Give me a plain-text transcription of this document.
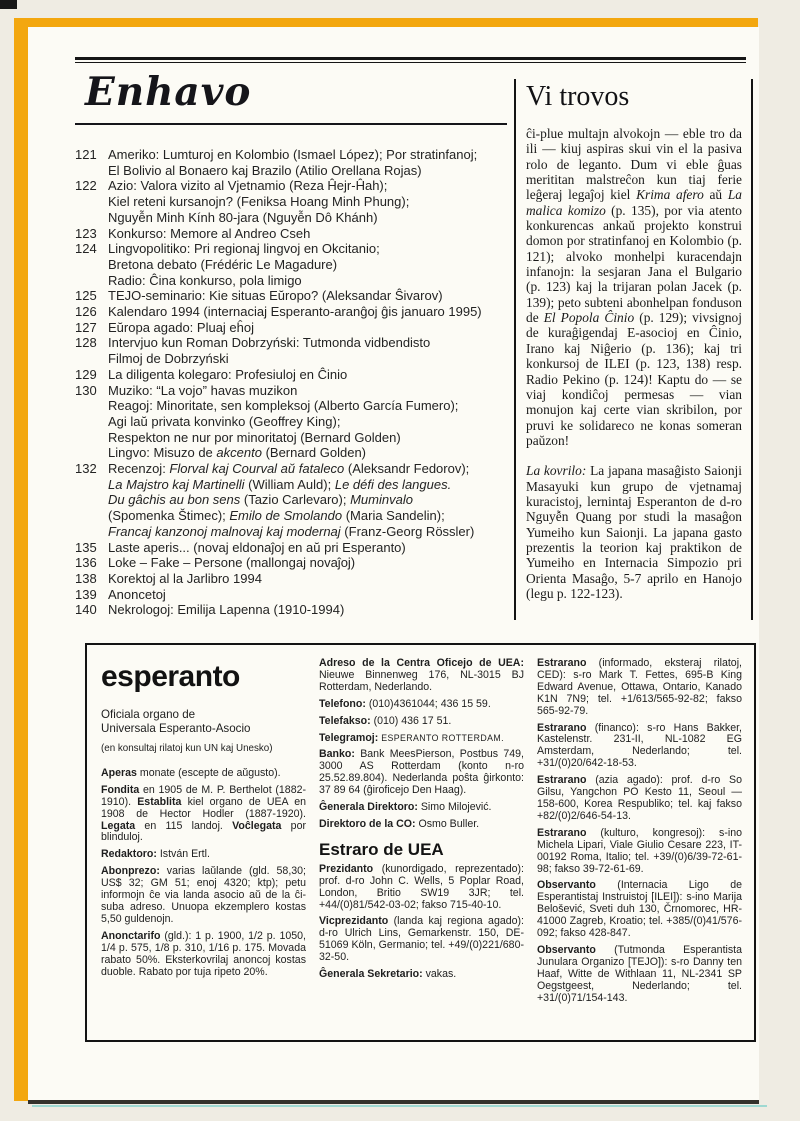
Enhavo
121 Ameriko: Lumturoj en Kolombio (Ismael López); Por stratinfanoj;
El Bolivio al Bonaero kaj Brazilo (Atilio Orellana Rojas)
122 Azio: Valora vizito al Vjetnamio (Reza Ĥejr-Ĥah);
Kiel reteni kursanojn? (Feniksa Hoang Minh Phung);
Nguyễn Minh Kính 80-jara (Nguyễn Dô Khánh)
123 Konkurso: Memore al Andreo Cseh
124 Lingvopolitiko: Pri regionaj lingvoj en Okcitanio;
Bretona debato (Frédéric Le Magadure)
Radio: Ĉina konkurso, pola limigo
125 TEJO-seminario: Kie situas Eŭropo? (Aleksandar Ŝivarov)
126 Kalendaro 1994 (internaciaj Esperanto-aranĝoj ĝis januaro 1995)
127 Eŭropa agado: Pluaj eĥoj
128 Intervjuo kun Roman Dobrzyński: Tutmonda vidbendisto
Filmoj de Dobrzyński
129 La diligenta kolegaro: Profesiuloj en Ĉinio
130 Muziko: “La vojo” havas muzikon
Reagoj: Minoritate, sen kompleksoj (Alberto García Fumero);
Agi laŭ privata konvinko (Geoffrey King);
Respekton ne nur por minoritatoj (Bernard Golden)
Lingvo: Misuzo de akcento (Bernard Golden)
132 Recenzoj: Florval kaj Courval aŭ fataleco (Aleksandr Fedorov);
La Majstro kaj Martinelli (William Auld); Le défi des langues.
Du gâchis au bon sens (Tazio Carlevaro); Muminvalo
(Spomenka Štimec); Emilo de Smolando (Maria Sandelin);
Francaj kanzonoj malnovaj kaj modernaj (Franz-Georg Rössler)
135 Laste aperis... (novaj eldonaĵoj en aŭ pri Esperanto)
136 Loke – Fake – Persone (mallongaj novaĵoj)
138 Korektoj al la Jarlibro 1994
139 Anoncetoj
140 Nekrologoj: Emilija Lapenna (1910-1994)
Vi trovos

ĉi-plue multajn alvokojn — eble tro da ili — kiuj aspiras skui vin el la pasiva rolo de leganto. Dum vi eble ĝuas merititan malstreĉon kun tiaj ferie leĝeraj legaĵoj kiel Krima afero aŭ La malica komizo (p. 135), por via atento konkurencas ankaŭ projekto konstrui domon por stratinfanoj en Kolombio (p. 121); alvoko monhelpi kuracendajn infanojn: la sesjaran Jana el Bulgario (p. 123) kaj la trijaran polan Jacek (p. 139); peto subteni abonhelpan fonduson de El Popola Ĉinio (p. 129); vivsignoj de kuraĝigendaj E-asocioj en Ĉinio, Irano kaj Niĝerio (p. 136); kaj tri konkursoj de ILEI (p. 123, 138) resp. Radio Pekino (p. 124)! Kaptu do — se viaj kondiĉoj permesas — vian monujon kaj certe vian skribilon, por pruvi ke solidareco ne konas someran paŭzon!

La kovrilo: La japana masaĝisto Saionji Masayuki kun grupo de vjetnamaj kuracistoj, lernintaj Esperanton de d-ro Nguyễn Quang por studi la masaĝon Yumeiho kun Saionji. La japana gasto prezentis la teorion kaj praktikon de Yumeiho en Internacia Simpozio pri Orienta Masaĝo, 5-7 aprilo en Hanojo (legu p. 122-123).

esperanto
Oficiala organo de
Universala Esperanto-Asocio
(en konsultaj rilatoj kun UN kaj Unesko)
Aperas monate (escepte de aŭgusto).
Fondita en 1905 de M. P. Berthelot (1882-1910). Establita kiel organo de UEA en 1908 de Hector Hodler (1887-1920). Legata en 115 landoj. Voĉlegata por blinduloj.
Redaktoro: István Ertl.
Abonprezo: varias laŭlande (gld. 58,30; US$ 32; GM 51; enoj 4320; ktp); petu informojn ĉe via landa asocio aŭ de la ĉi-suba adreso. Unuopa ekzemplero kostas 5,50 guldenojn.
Anonctarifo (gld.): 1 p. 1900, 1/2 p. 1050, 1/4 p. 575, 1/8 p. 310, 1/16 p. 175. Movada rabato 50%. Eksterkovrilaj anoncoj kostas duoble. Rabato por tuja ripeto 20%.
Adreso de la Centra Oficejo de UEA: Nieuwe Binnenweg 176, NL-3015 BJ Rotterdam, Nederlando.
Telefono: (010)4361044; 436 15 59.
Telefakso: (010) 436 17 51.
Telegramoj: ESPERANTO ROTTERDAM.
Banko: Bank MeesPierson, Postbus 749, 3000 AS Rotterdam (konto n-ro 25.52.89.804). Nederlanda poŝta ĝirkonto: 37 89 64 (ĝiroficejo Den Haag).
Ĝenerala Direktoro: Simo Milojević.
Direktoro de la CO: Osmo Buller.
Estraro de UEA
Prezidanto (kunordigado, reprezentado): prof. d-ro John C. Wells, 5 Poplar Road, London, Britio SW19 3JR; tel. +44/(0)81/542-03-02; fakso 715-40-10.
Vicprezidanto (landa kaj regiona agado): d-ro Ulrich Lins, Gemarkenstr. 150, DE-51069 Köln, Germanio; tel. +49/(0)221/680-32-50.
Ĝenerala Sekretario: vakas.
Estrarano (informado, eksteraj rilatoj, CED): s-ro Mark T. Fettes, 695-B King Edward Avenue, Ottawa, Ontario, Kanado K1N 7N9; tel. +1/613/565-92-82; fakso 565-92-79.
Estrarano (financo): s-ro Hans Bakker, Kastelenstr. 231-II, NL-1082 EG Amsterdam, Nederlando; tel. +31/(0)20/642-18-53.
Estrarano (azia agado): prof. d-ro So Gilsu, Yangchon PO Kesto 11, Seoul — 158-600, Korea Respubliko; tel. kaj fakso +82/(0)2/646-54-13.
Estrarano (kulturo, kongresoj): s-ino Michela Lipari, Viale Giulio Cesare 223, IT-00192 Roma, Italio; tel. +39/(0)6/39-72-61-98; fakso 39-72-61-69.
Observanto (Internacia Ligo de Esperantistaj Instruistoj [ILEI]): s-ino Marija Belošević, Sveti duh 130, Črnomorec, HR-41000 Zagreb, Kroatio; tel. +385/(0)41/576-092; fakso 428-847.
Observanto (Tutmonda Esperantista Junulara Organizo [TEJO]): s-ro Danny ten Haaf, Witte de Withlaan 11, NL-2341 SP Oegstgeest, Nederlando; tel. +31/(0)71/154-143.
